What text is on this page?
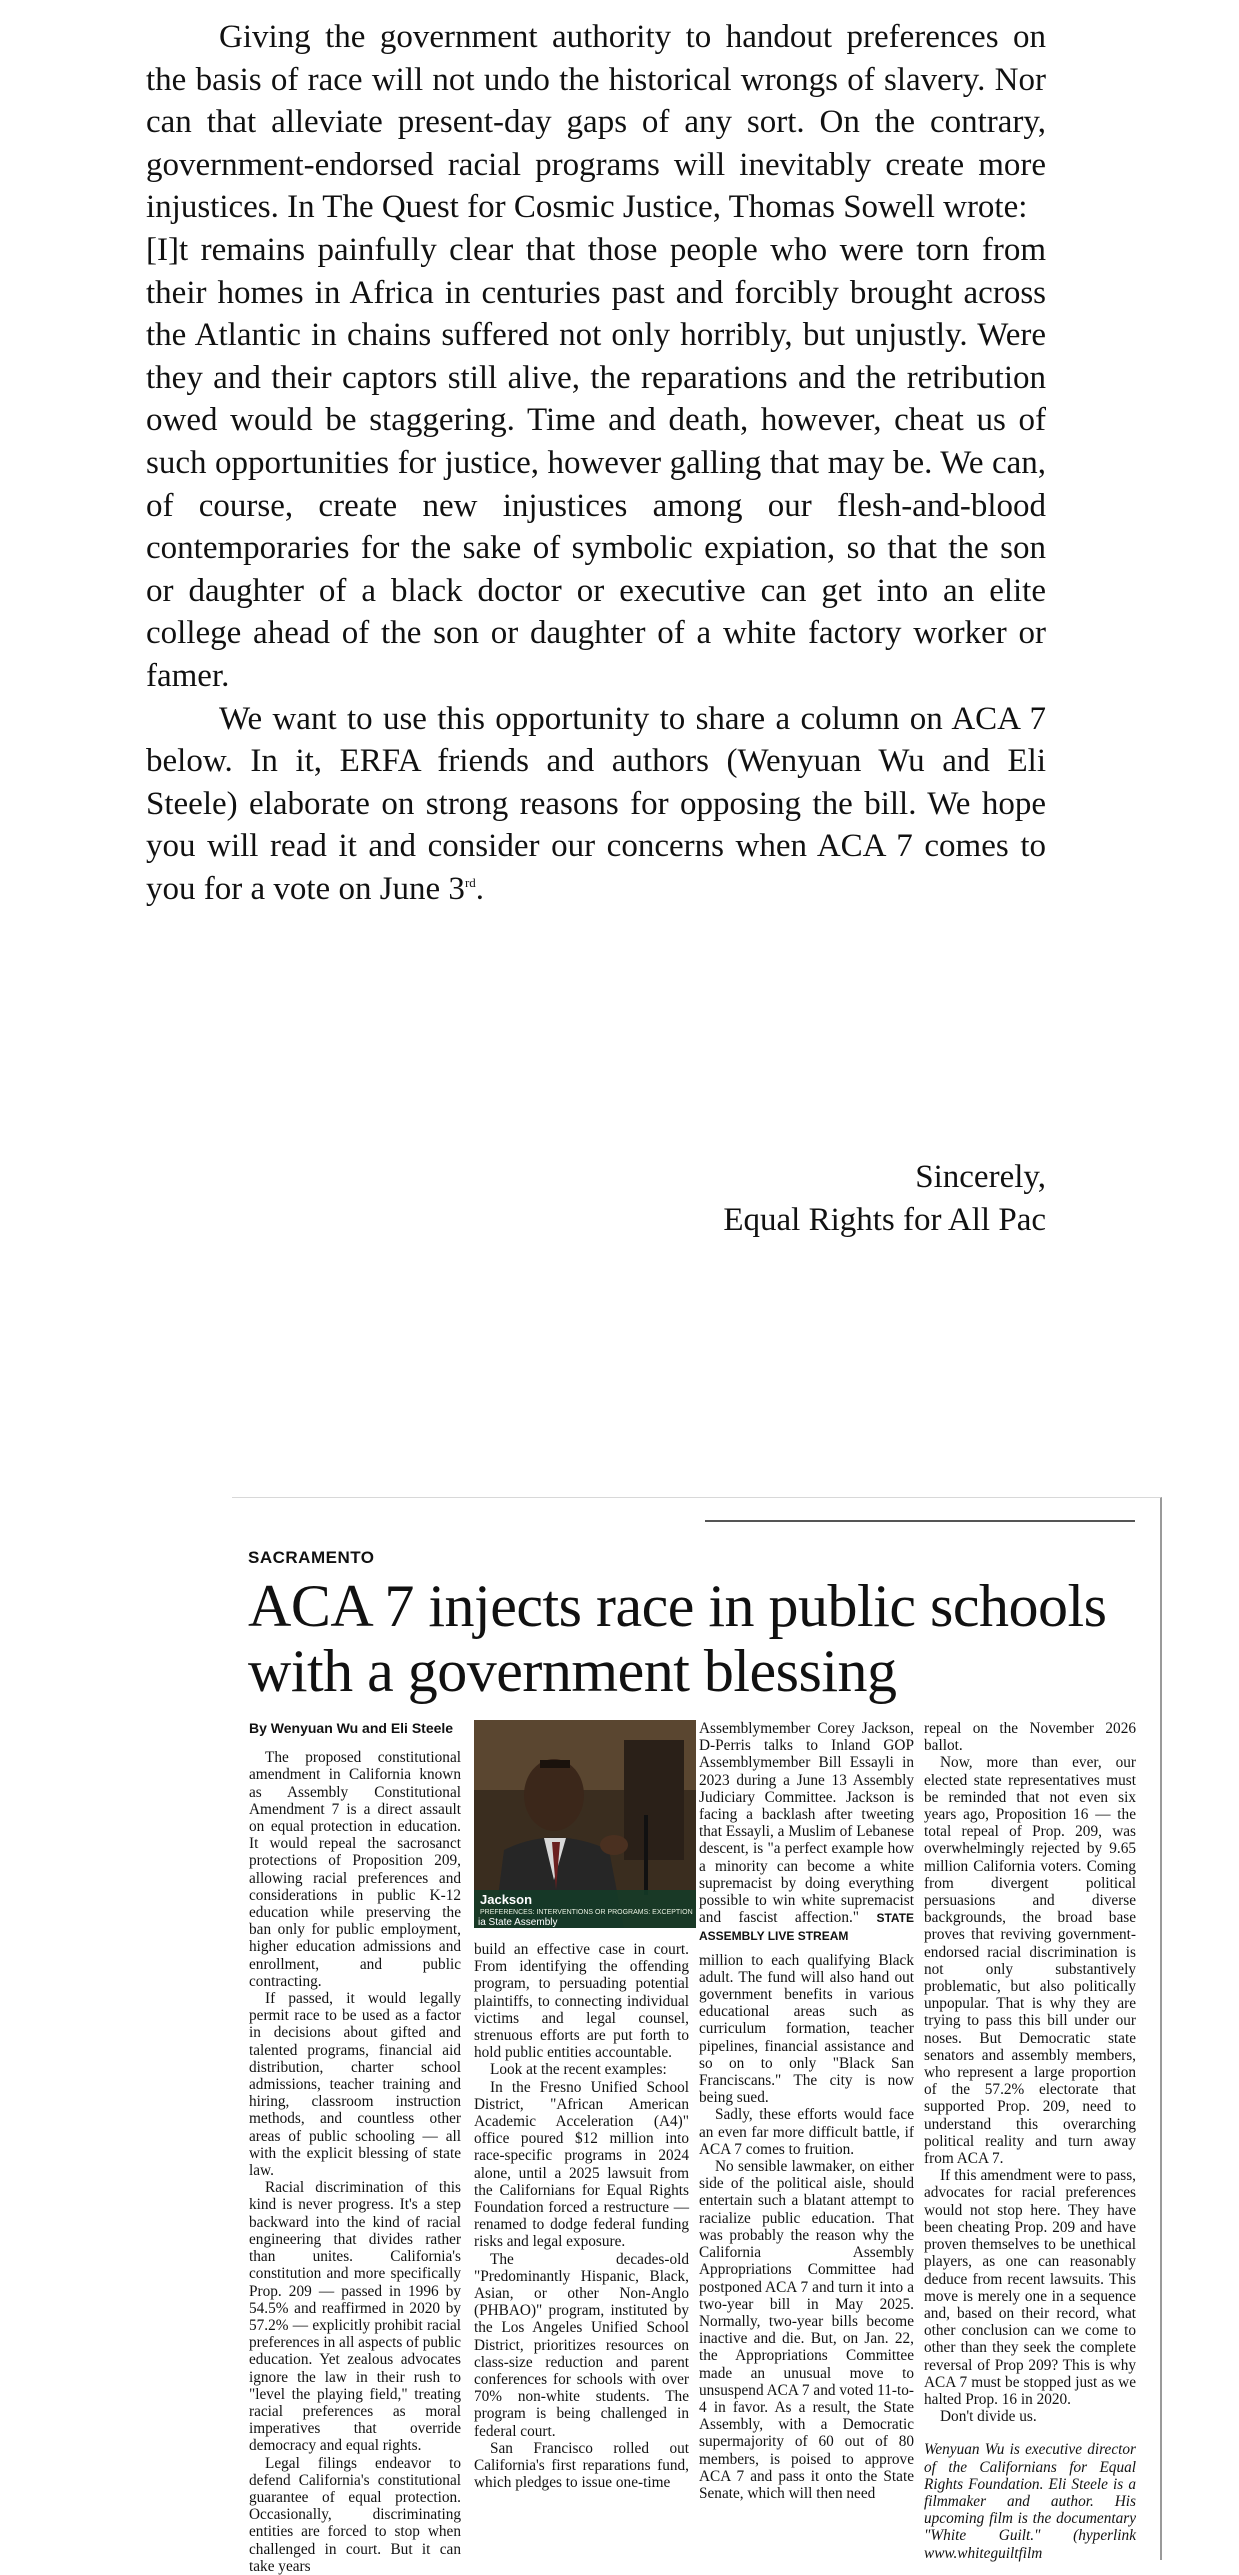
Giving the government authority to handout preferences on the basis of race will not undo the historical wrongs of slavery. Nor can that alleviate present-day gaps of any sort. On the contrary, government-endorsed racial programs will inevitably create more injustices. In The Quest for Cosmic Justice, Thomas Sowell wrote:

[I]t remains painfully clear that those people who were torn from their homes in Africa in centuries past and forcibly brought across the Atlantic in chains suffered not only horribly, but unjustly. Were they and their captors still alive, the reparations and the retribution owed would be staggering. Time and death, however, cheat us of such opportunities for justice, however galling that may be. We can, of course, create new injustices among our flesh-and-blood contemporaries for the sake of symbolic expiation, so that the son or daughter of a black doctor or executive can get into an elite college ahead of the son or daughter of a white factory worker or famer.

We want to use this opportunity to share a column on ACA 7 below. In it, ERFA friends and authors (Wenyuan Wu and Eli Steele) elaborate on strong reasons for opposing the bill. We hope you will read it and consider our concerns when ACA 7 comes to you for a vote on June 3rd.

Sincerely,
Equal Rights for All Pac
SACRAMENTO
ACA 7 injects race in public schools with a government blessing

By Wenyuan Wu and Eli Steele

The proposed constitutional amendment in California known as Assembly Constitutional Amendment 7 is a direct assault on equal protection in education. It would repeal the sacrosanct protections of Proposition 209, allowing racial preferences and considerations in public K-12 education while preserving the ban only for public employment, higher education admissions and enrollment, and public contracting.

If passed, it would legally permit race to be used as a factor in decisions about gifted and talented programs, financial aid distribution, charter school admissions, teacher training and hiring, classroom instruction methods, and countless other areas of public schooling — all with the explicit blessing of state law.

Racial discrimination of this kind is never progress. It's a step backward into the kind of racial engineering that divides rather than unites. California's constitution and more specifically Prop. 209 — passed in 1996 by 54.5% and reaffirmed in 2020 by 57.2% — explicitly prohibit racial preferences in all aspects of public education. Yet zealous advocates ignore the law in their rush to "level the playing field," treating racial preferences as moral imperatives that override democracy and equal rights.

Legal filings endeavor to defend California's constitutional guarantee of equal protection. Occasionally, discriminating entities are forced to stop when challenged in court. But it can take years

Jackson
PREFERENCES: INTERVENTIONS OR PROGRAMS: EXCEPTION
ia State Assembly

build an effective case in court. From identifying the offending program, to persuading potential plaintiffs, to connecting individual victims and legal counsel, strenuous efforts are put forth to hold public entities accountable.

Look at the recent examples:

In the Fresno Unified School District, "African American Academic Acceleration (A4)" office poured $12 million into race-specific programs in 2024 alone, until a 2025 lawsuit from the Californians for Equal Rights Foundation forced a restructure — renamed to dodge federal funding risks and legal exposure.

The decades-old "Predominantly Hispanic, Black, Asian, or other Non-Anglo (PHBAO)" program, instituted by the Los Angeles Unified School District, prioritizes resources on class-size reduction and parent conferences for schools with over 70% non-white students. The program is being challenged in federal court.

San Francisco rolled out California's first reparations fund, which pledges to issue one-time

Assemblymember Corey Jackson, D-Perris talks to Inland GOP Assemblymember Bill Essayli in 2023 during a June 13 Assembly Judiciary Committee. Jackson is facing a backlash after tweeting that Essayli, a Muslim of Lebanese descent, is "a perfect example how a minority can become a white supremacist by doing everything possible to win white supremacist and fascist affection." STATE ASSEMBLY LIVE STREAM

million to each qualifying Black adult. The fund will also hand out government benefits in various educational areas such as curriculum formation, teacher pipelines, financial assistance and so on to only "Black San Franciscans." The city is now being sued.

Sadly, these efforts would face an even far more difficult battle, if ACA 7 comes to fruition.

No sensible lawmaker, on either side of the political aisle, should entertain such a blatant attempt to racialize public education. That was probably the reason why the California Assembly Appropriations Committee had postponed ACA 7 and turn it into a two-year bill in May 2025. Normally, two-year bills become inactive and die. But, on Jan. 22, the Appropriations Committee made an unusual move to unsuspend ACA 7 and voted 11-to-4 in favor. As a result, the State Assembly, with a Democratic supermajority of 60 out of 80 members, is poised to approve ACA 7 and pass it onto the State Senate, which will then need

repeal on the November 2026 ballot.

Now, more than ever, our elected state representatives must be reminded that not even six years ago, Proposition 16 — the total repeal of Prop. 209, was overwhelmingly rejected by 9.65 million California voters. Coming from divergent political persuasions and diverse backgrounds, the broad base proves that reviving government-endorsed racial discrimination is not only substantively problematic, but also politically unpopular. That is why they are trying to pass this bill under our noses. But Democratic state senators and assembly members, who represent a large proportion of the 57.2% electorate that supported Prop. 209, need to understand this overarching political reality and turn away from ACA 7.

If this amendment were to pass, advocates for racial preferences would not stop here. They have been cheating Prop. 209 and have proven themselves to be unethical players, as one can reasonably deduce from recent lawsuits. This move is merely one in a sequence and, based on their record, what other conclusion can we come to other than they seek the complete reversal of Prop 209? This is why ACA 7 must be stopped just as we halted Prop. 16 in 2020.

Don't divide us.

Wenyuan Wu is executive director of the Californians for Equal Rights Foundation. Eli Steele is a filmmaker and author. His upcoming film is the documentary "White Guilt." (hyperlink www.whiteguiltfilm
